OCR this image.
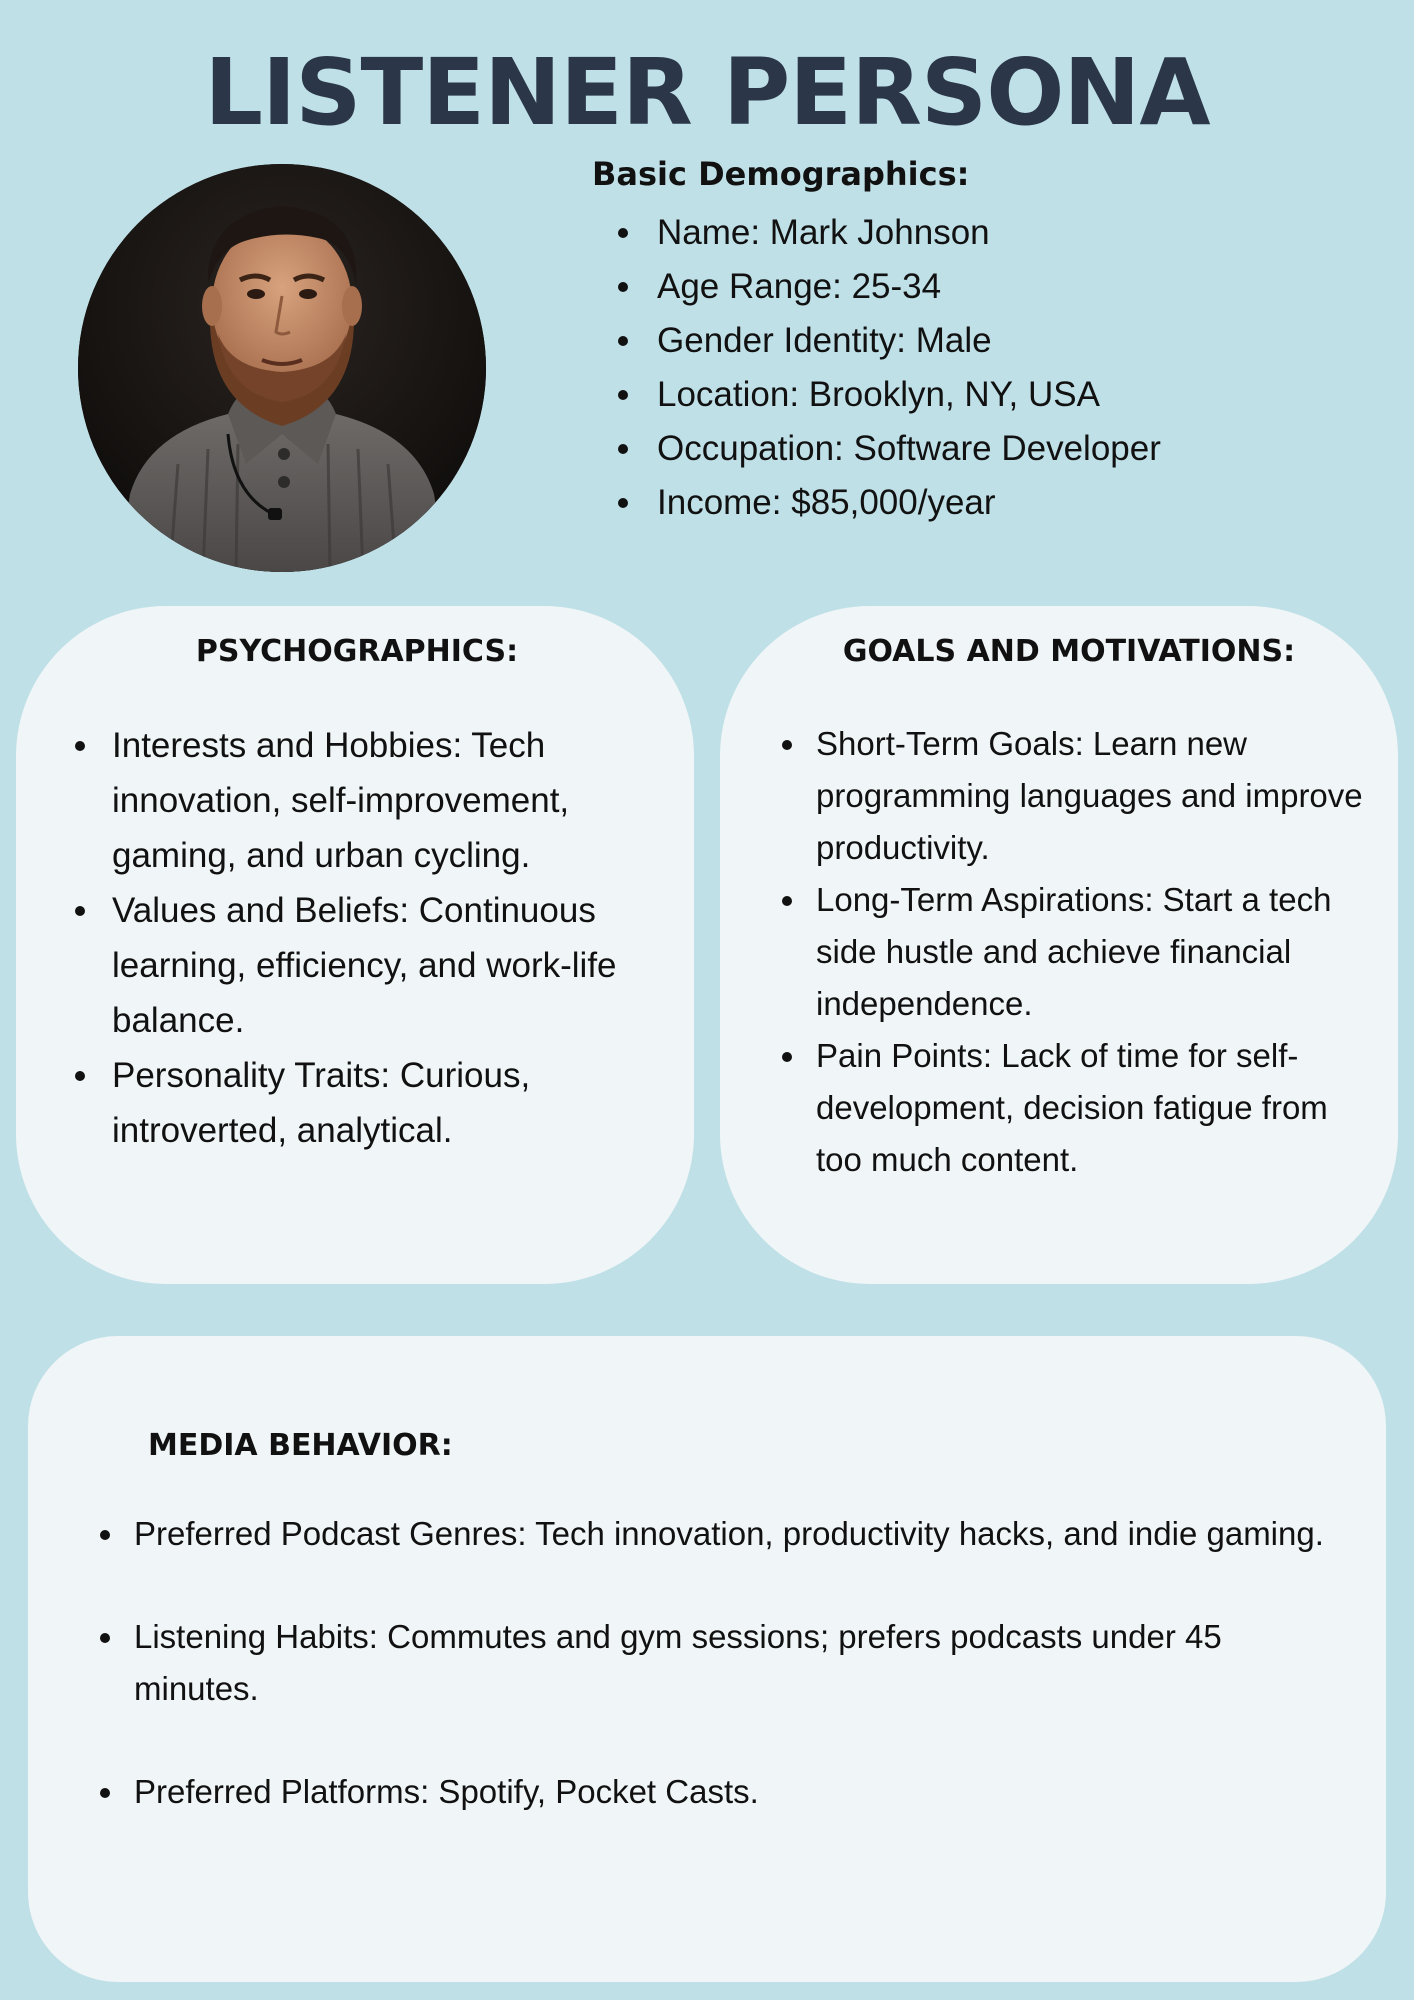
LISTENER PERSONA
Basic Demographics:
Name: Mark Johnson
Age Range: 25-34
Gender Identity: Male
Location: Brooklyn, NY, USA
Occupation: Software Developer
Income: $85,000/year
PSYCHOGRAPHICS:
Interests and Hobbies: Tech innovation, self-improvement, gaming, and urban cycling.
Values and Beliefs: Continuous learning, efficiency, and work-life balance.
Personality Traits: Curious, introverted, analytical.
GOALS AND MOTIVATIONS:
Short-Term Goals: Learn new programming languages and improve productivity.
Long-Term Aspirations: Start a tech side hustle and achieve financial independence.
Pain Points: Lack of time for self-development, decision fatigue from too much content.
MEDIA BEHAVIOR:
Preferred Podcast Genres: Tech innovation, productivity hacks, and indie gaming.
Listening Habits: Commutes and gym sessions; prefers podcasts under 45 minutes.
Preferred Platforms: Spotify, Pocket Casts.
